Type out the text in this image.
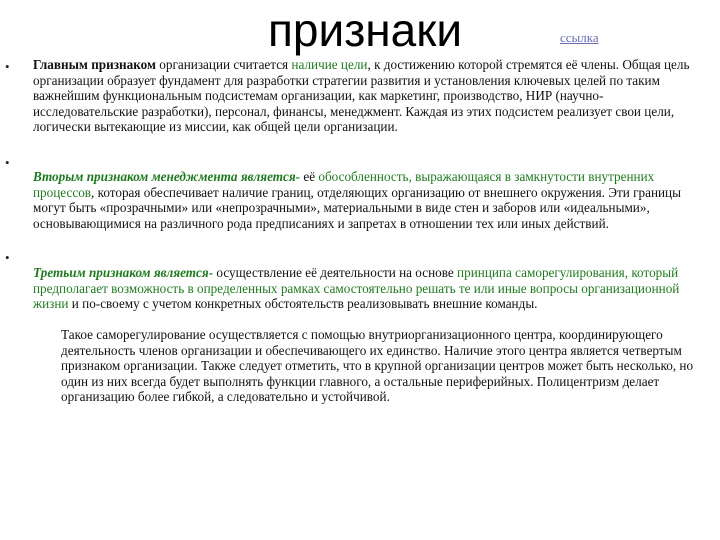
признаки	ссылка
•
•
•

Главным признаком организации считается наличие цели, к достижению которой стремятся её члены. Общая цель организации образует фундамент для разработки стратегии развития и установления ключевых целей по таким важнейшим функциональным подсистемам организации, как маркетинг, производство, НИР (научно-исследовательские разработки), персонал, финансы, менеджмент. Каждая из этих подсистем реализует свои цели, логически вытекающие из миссии, как общей цели организации.

Вторым признаком менеджмента является- её обособленность, выражающаяся в замкнутости внутренних процессов, которая обеспечивает наличие границ, отделяющих организацию от внешнего окружения. Эти границы могут быть «прозрачными» или «непрозрачными», материальными в виде стен и заборов или «идеальными», основывающимися на различного рода предписаниях и запретах в отношении тех или иных действий.

Третьим признаком является- осуществление её деятельности на основе принципа саморегулирования, который предполагает возможность в определенных рамках самостоятельно решать те или иные вопросы организационной жизни и по-своему с учетом конкретных обстоятельств реализовывать внешние команды.

Такое саморегулирование осуществляется с помощью внутриорганизационного центра, координирующего деятельность членов организации и обеспечивающего их единство. Наличие этого центра является четвертым признаком организации. Также следует отметить, что в крупной организации центров может быть несколько, но один из них всегда будет выполнять функции главного, а остальные периферийных. Полицентризм делает организацию более гибкой, а следовательно и устойчивой.
